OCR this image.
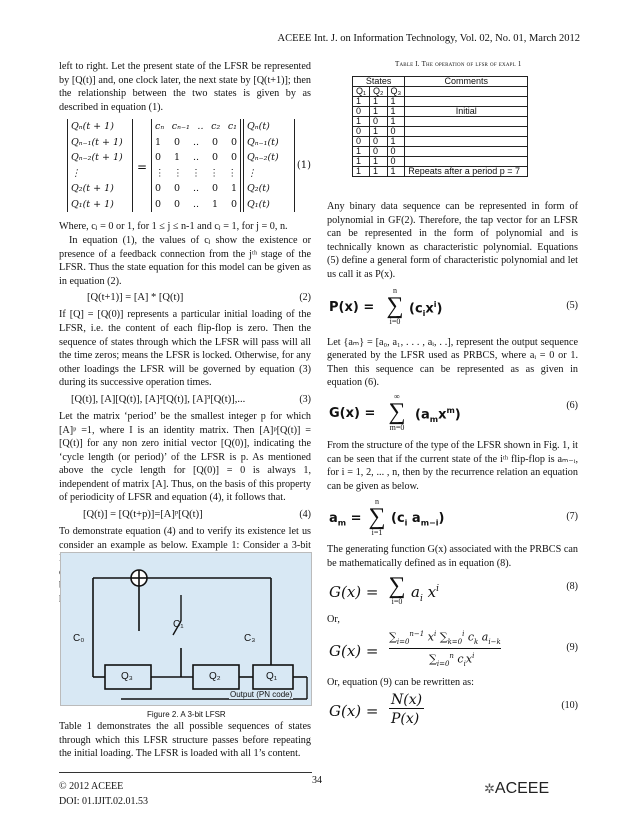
ACEEE Int. J. on Information Technology, Vol. 02, No. 01, March 2012

left to right. Let the present state of the LFSR be represented by [Q(t)] and, one clock later, the next state by [Q(t+1)]; then the relationship between the two states is given by as described in equation (1).

Qₙ(t + 1)
Qₙ₋₁(t + 1)
Qₙ₋₂(t + 1)
⋮
Q₂(t + 1)
Q₁(t + 1)
=
cₙ cₙ₋₁ .. c₂ c₁
1 0 .. 0 0
0 1 .. 0 0
⋮ ⋮ ⋮ ⋮ ⋮
0 0 .. 0 1
0 0 .. 1 0
Qₙ(t)
Qₙ₋₁(t)
Qₙ₋₂(t)
⋮
Q₂(t)
Q₁(t)
(1)

Where, cⱼ = 0 or 1, for 1 ≤ j ≤ n-1 and cⱼ = 1, for j = 0, n.

In equation (1), the values of cⱼ show the existence or presence of a feedback connection from the jᵗʰ stage of the LFSR. Thus the state equation for this model can be given as in equation (2).

[Q(t+1)] = [A] * [Q(t)]	(2)

If [Q] = [Q(0)] represents a particular initial loading of the LFSR, i.e. the content of each flip-flop is zero. Then the sequence of states through which the LFSR will pass will all the time zeros; means the LFSR is locked. Otherwise, for any other loadings the LFSR will be governed by equation (3) during its successive operation times.

[Q(t)], [A][Q(t)], [A]²[Q(t)], [A]³[Q(t)],...	(3)

Let the matrix ‘period’ be the smallest integer p for which [A]ᵖ =1, where I is an identity matrix. Then [A]ᵖ[Q(t)] = [Q(t)] for any non zero initial vector [Q(0)], indicating the ‘cycle length (or period)’ of the LFSR is p. As mentioned above the cycle length for [Q(0)] = 0 is always 1, independent of matrix [A]. Thus, on the basis of this property of periodicity of LFSR and equation (4), it follows that.

[Q(t)] = [Q(t+p)]=[A]ᵖ[Q(t)]	(4)

To demonstrate equation (4) and to verify its existence let us consider an example as below. Example 1: Consider a 3-bit

C₀
C₁
C₃
Q₃	Q₂	Q₁
Output (PN code)
Figure 2. A 3-bit LFSR

Table 1 demonstrates the all possible sequences of states through which this LFSR structure passes before repeating the initial loading. The LFSR is loaded with all 1’s content.

Table I. The operation of lfsr of exapl 1
States			Comments
Q₁	Q₂	Q₃	
1	1	1	
0	1	1	Initial
1	0	1	
0	1	0	
0	0	1	
1	0	0	
1	1	0	
1	1	1	Repeats after a period p = 7

Any binary data sequence can be represented in form of polynomial in GF(2). Therefore, the tap vector for an LFSR can be represented in the form of polynomial and is technically known as characteristic polynomial. Equations (5) define a general form of characteristic polynomial and let us call it as P(x).

P(x) =
n
∑
i=0
$(c_ix^i)$	(5)

Let {aₘ} = [a₀, a₁, . . . , aᵢ, . .], represent the output sequence generated by the LFSR used as PRBCS, where aᵢ = 0 or 1. Then this sequence can be represented as as given in equation (6).

G(x) =
∞
∑
m=0
$(a_mx^m)$
(6)

From the structure of the type of the LFSR shown in Fig. 1, it can be seen that if the current state of the iᵗʰ flip-flop is aₘ₋ᵢ, for i = 1, 2, ... , n, then by the recurrence relation an equation can be given as below.

$a_m$ =
n
∑
i=1
($c_i$ $a_{m-i}$)	(7)

The generating function G(x) associated with the PRBCS can be mathematically defined as in equation (8).

G(x) = ∑
i=0
$a_i$ $x^i$	(8)

Or,

G(x) =
$\sum_{i=0}^{n-1}$ $x^i$ $\sum_{k=0}^i$ $c_k$ $a_{i-k}$
$\sum_{i=0}^n$ $c_ix^i$
(9)

Or, equation (9) can be rewritten as:

G(x) =
N(x)
P(x)
(10)
© 2012 ACEEE
DOI: 01.IJIT.02.01.53
34
✲ACEEE
